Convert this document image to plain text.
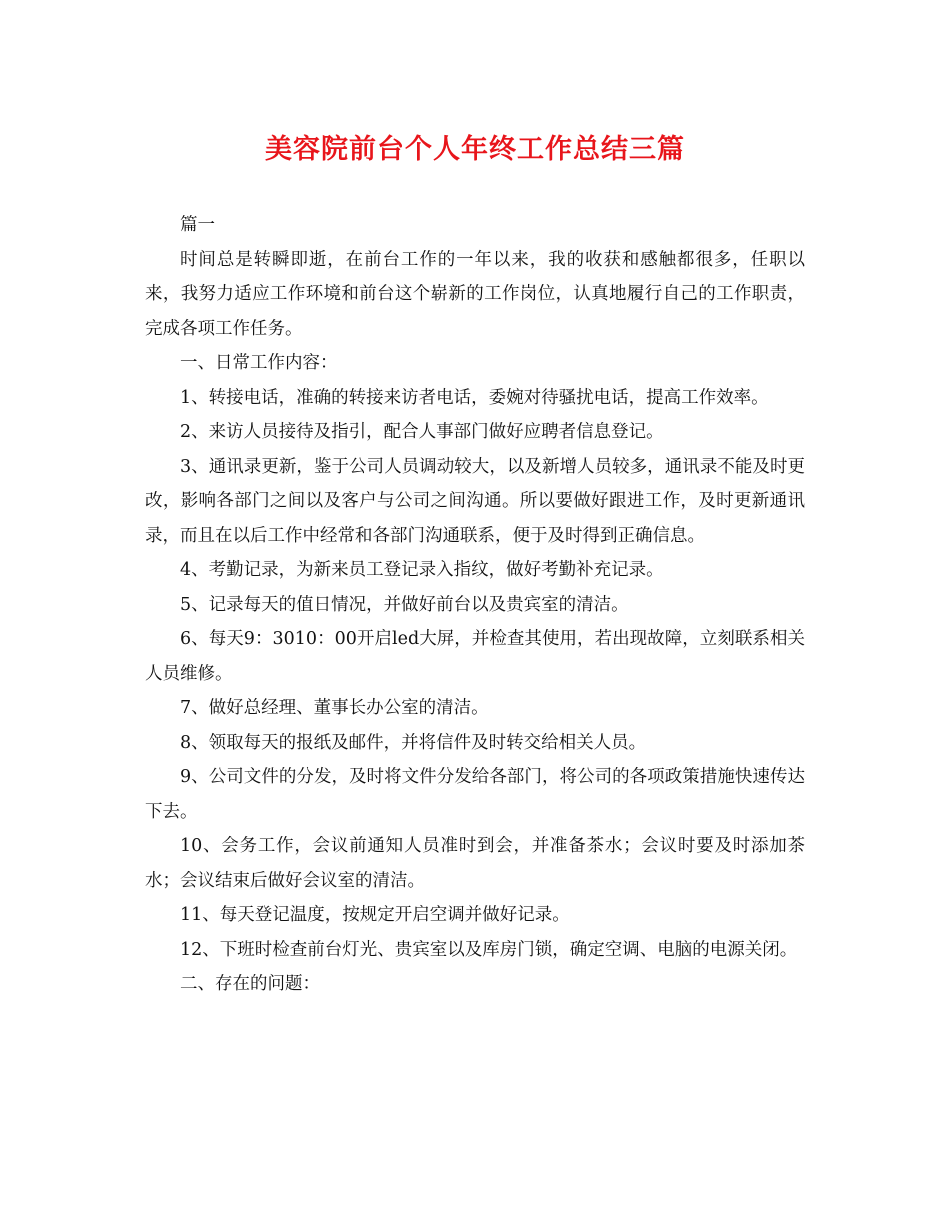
美容院前台个人年终工作总结三篇

篇一

时间总是转瞬即逝，在前台工作的一年以来，我的收获和感触都很多，任职以来，我努力适应工作环境和前台这个崭新的工作岗位，认真地履行自己的工作职责，完成各项工作任务。

一、日常工作内容：

1、转接电话，准确的转接来访者电话，委婉对待骚扰电话，提高工作效率。

2、来访人员接待及指引，配合人事部门做好应聘者信息登记。

3、通讯录更新，鉴于公司人员调动较大，以及新增人员较多，通讯录不能及时更改，影响各部门之间以及客户与公司之间沟通。所以要做好跟进工作，及时更新通讯录，而且在以后工作中经常和各部门沟通联系，便于及时得到正确信息。

4、考勤记录，为新来员工登记录入指纹，做好考勤补充记录。

5、记录每天的值日情况，并做好前台以及贵宾室的清洁。

6、每天9：3010：00开启led大屏，并检查其使用，若出现故障，立刻联系相关人员维修。

7、做好总经理、董事长办公室的清洁。

8、领取每天的报纸及邮件，并将信件及时转交给相关人员。

9、公司文件的分发，及时将文件分发给各部门，将公司的各项政策措施快速传达下去。

10、会务工作，会议前通知人员准时到会，并准备茶水；会议时要及时添加茶水；会议结束后做好会议室的清洁。

11、每天登记温度，按规定开启空调并做好记录。

12、下班时检查前台灯光、贵宾室以及库房门锁，确定空调、电脑的电源关闭。

二、存在的问题：
